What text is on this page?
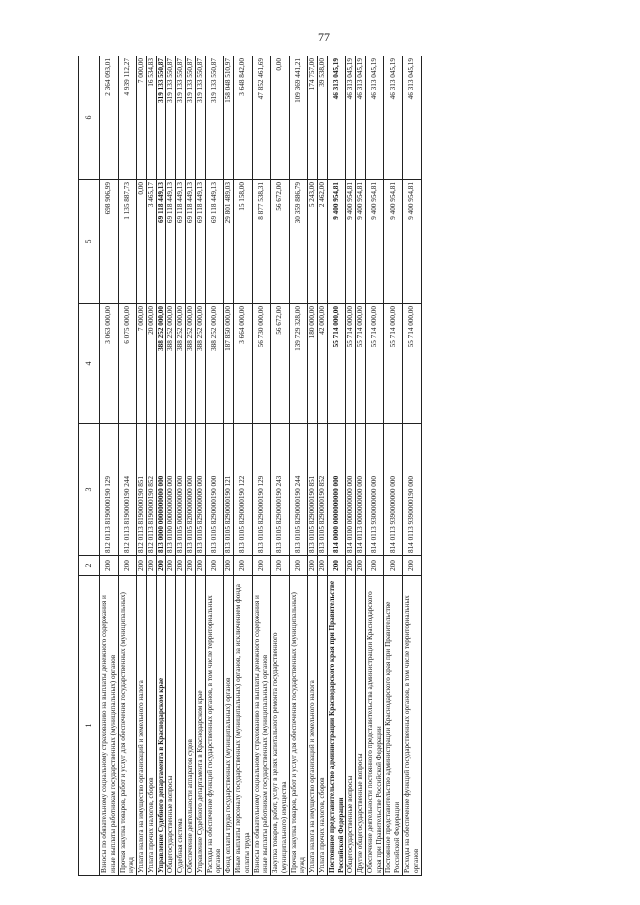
77
1	2	3	4	5	6
Взносы по обязательному социальному страхованию на выплаты денежного содержания и иные выплаты работникам государственных (муниципальных) органов	200	812 0113 8190000190 129	3 063 000,00	698 906,99	2 364 093,01
Прочая закупка товаров, работ и услуг для обеспечения государственных (муниципальных) нужд	200	812 0113 8190000190 244	6 075 000,00	1 135 887,73	4 939 112,27
Уплата налога на имущество организаций и земельного налога	200	812 0113 8190000190 851	7 000,00	0,00	7 000,00
Уплата прочих налогов, сборов	200	812 0113 8190000190 852	20 000,00	3 465,17	16 534,83
Управление Судебного департамента в Краснодарском крае	200	813 0000 0000000000 000	388 252 000,00	69 118 449,13	319 133 550,87
Общегосударственные вопросы	200	813 0100 0000000000 000	388 252 000,00	69 118 449,13	319 133 550,87
Судебная система	200	813 0105 0000000000 000	388 252 000,00	69 118 449,13	319 133 550,87
Обеспечение деятельности аппаратов судов	200	813 0105 8200000000 000	388 252 000,00	69 118 449,13	319 133 550,87
Управление Судебного департамента в Краснодарском крае	200	813 0105 8290000000 000	388 252 000,00	69 118 449,13	319 133 550,87
Расходы на обеспечение функций государственных органов, в том числе территориальных органов	200	813 0105 8290000190 000	388 252 000,00	69 118 449,13	319 133 550,87
Фонд оплаты труда государственных (муниципальных) органов	200	813 0105 8290000190 121	187 850 000,00	29 801 489,03	158 048 510,97
Иные выплаты персоналу государственных (муниципальных) органов, за исключением фонда оплаты труда	200	813 0105 8290000190 122	3 664 000,00	15 158,00	3 648 842,00
Взносы по обязательному социальному страхованию на выплаты денежного содержания и иные выплаты работникам государственных (муниципальных) органов	200	813 0105 8290000190 129	56 730 000,00	8 877 538,31	47 852 461,69
Закупка товаров, работ, услуг в целях капитального ремонта государственного (муниципального) имущества	200	813 0105 8290000190 243	56 672,00	56 672,00	0,00
Прочая закупка товаров, работ и услуг для обеспечения государственных (муниципальных) нужд	200	813 0105 8290000190 244	139 729 328,00	30 359 886,79	109 369 441,21
Уплата налога на имущество организаций и земельного налога	200	813 0105 8290000190 851	180 000,00	5 243,00	174 757,00
Уплата прочих налогов, сборов	200	813 0105 8290000190 852	42 000,00	2 462,00	39 538,00
Постоянное представительство администрации Краснодарского края при Правительстве Российской Федерации	200	814 0000 0000000000 000	55 714 000,00	9 400 954,81	46 313 045,19
Общегосударственные вопросы	200	814 0100 0000000000 000	55 714 000,00	9 400 954,81	46 313 045,19
Другие общегосударственные вопросы	200	814 0113 0000000000 000	55 714 000,00	9 400 954,81	46 313 045,19
Обеспечение деятельности постоянного представительства администрации Краснодарского края при Правительстве Российской Федерации	200	814 0113 9300000000 000	55 714 000,00	9 400 954,81	46 313 045,19
Постоянное представительство администрации Краснодарского края при Правительстве Российской Федерации	200	814 0113 9390000000 000	55 714 000,00	9 400 954,81	46 313 045,19
Расходы на обеспечение функций государственных органов, в том числе территориальных органов	200	814 0113 9390000190 000	55 714 000,00	9 400 954,81	46 313 045,19
